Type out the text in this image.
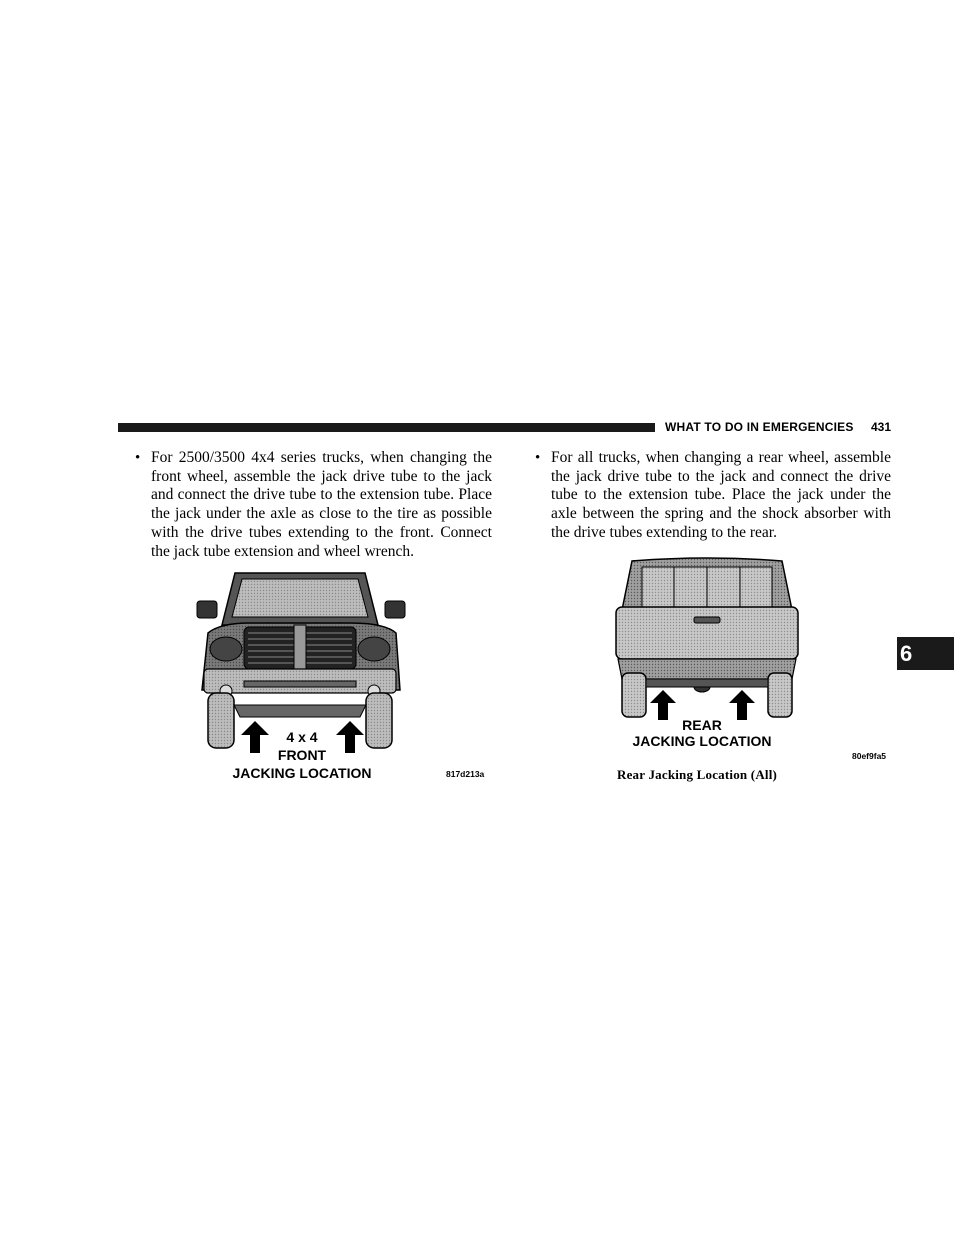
WHAT TO DO IN EMERGENCIES 431
• For 2500/3500 4x4 series trucks, when changing the front wheel, assemble the jack drive tube to the jack and connect the drive tube to the extension tube. Place the jack under the axle as close to the tire as possible with the drive tubes extending to the front. Connect the jack tube extension and wheel wrench.
• For all trucks, when changing a rear wheel, assemble the jack drive tube to the jack and connect the drive tube to the extension tube. Place the jack under the axle between the spring and the shock absorber with the drive tubes extending to the rear.
4 x 4
FRONT
JACKING LOCATION	817d213a
REAR
JACKING LOCATION
80ef9fa5
Rear Jacking Location (All)
6
